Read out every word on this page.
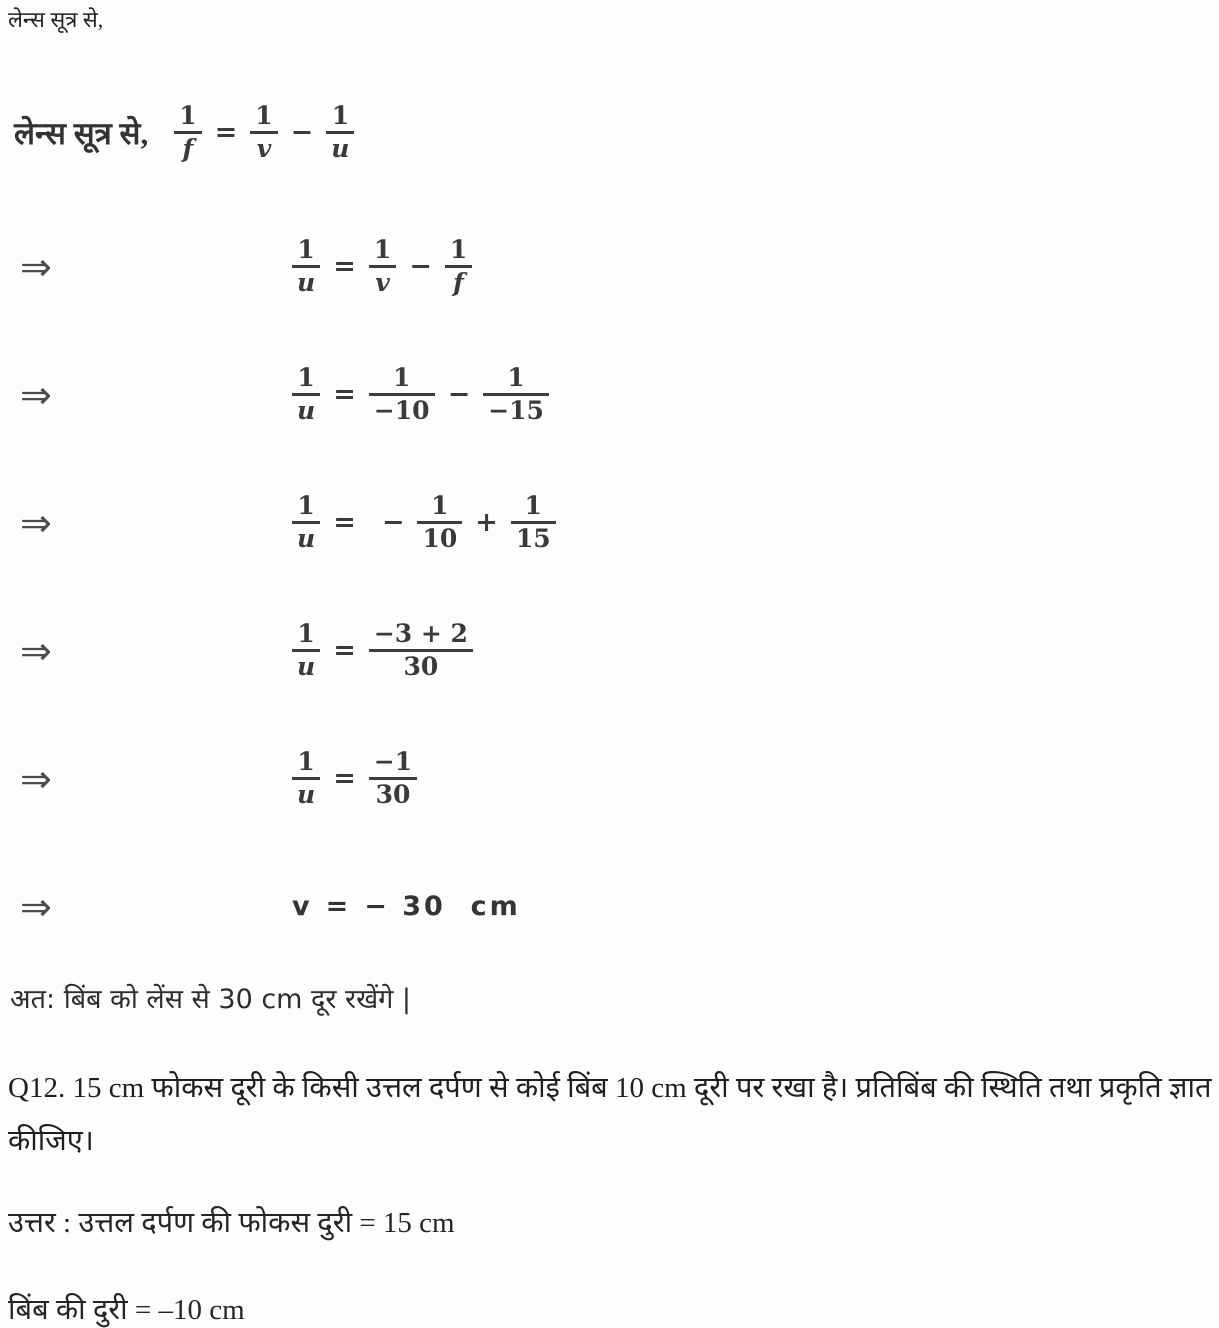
लेन्स सूत्र से,

लेन्स सूत्र से, $\frac{1}{f} = \frac{1}{v} - \frac{1}{u}$
⇒	$\frac{1}{u} = \frac{1}{v} - \frac{1}{f}$
⇒	$\frac{1}{u} = \frac{1}{-10} - \frac{1}{-15}$
⇒	$\frac{1}{u}$ = − $\frac{1}{10} + \frac{1}{15}$
⇒	$\frac{1}{u} = \frac{-3 + 2}{30}$
⇒	$\frac{1}{u} = \frac{-1}{30}$
⇒	v = − 30  cm

अत: बिंब को लेंस से 30 cm दूर रखेंगे |

Q12. 15 cm फोकस दूरी के किसी उत्तल दर्पण से कोई बिंब 10 cm दूरी पर रखा है। प्रतिबिंब की स्थिति तथा प्रकृति ज्ञात कीजिए।

उत्तर : उत्तल दर्पण की फोकस दुरी = 15 cm

बिंब की दुरी = –10 cm
